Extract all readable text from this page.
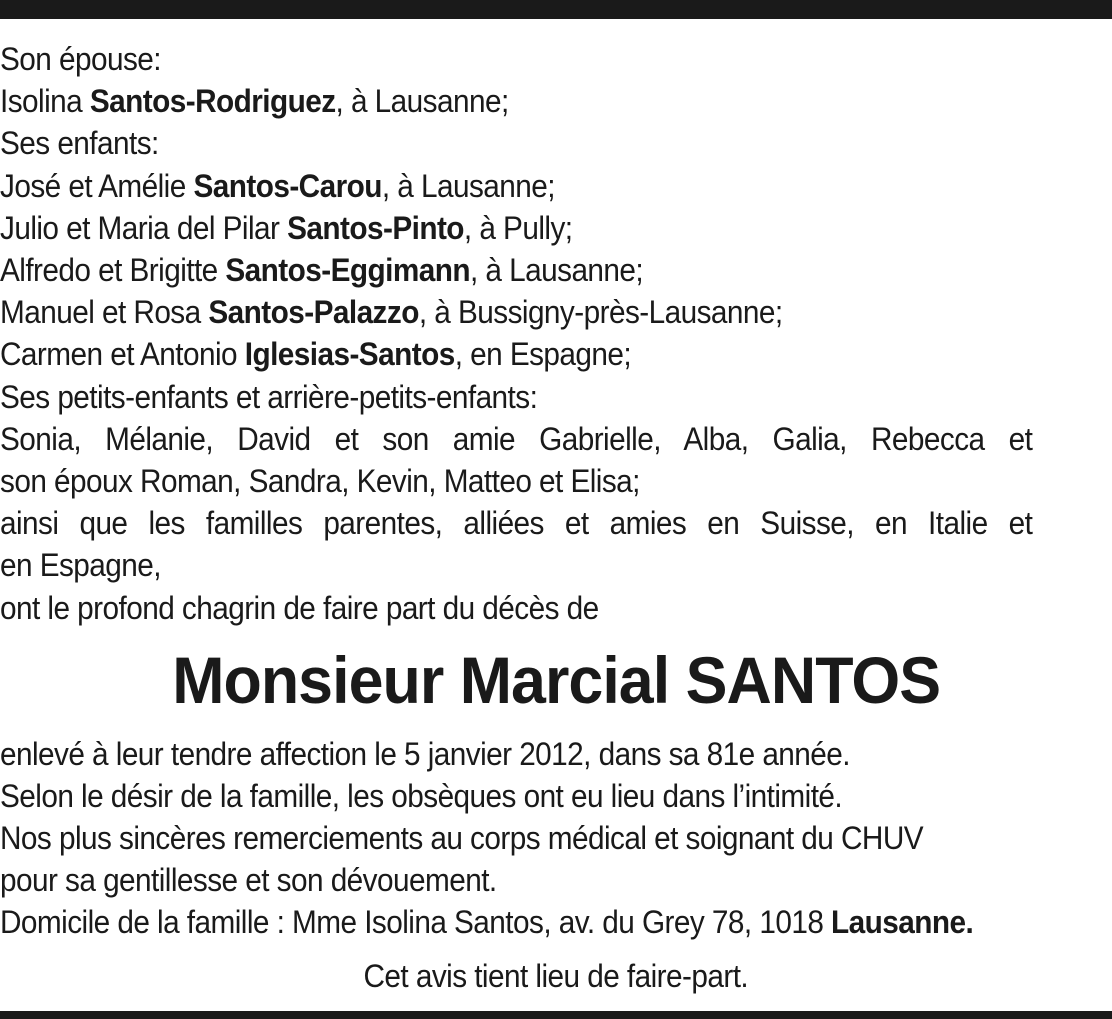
Son épouse:
Isolina Santos-Rodriguez, à Lausanne;
Ses enfants:
José et Amélie Santos-Carou, à Lausanne;
Julio et Maria del Pilar Santos-Pinto, à Pully;
Alfredo et Brigitte Santos-Eggimann, à Lausanne;
Manuel et Rosa Santos-Palazzo, à Bussigny-près-Lausanne;
Carmen et Antonio Iglesias-Santos, en Espagne;
Ses petits-enfants et arrière-petits-enfants:
Sonia, Mélanie, David et son amie Gabrielle, Alba, Galia, Rebecca et
son époux Roman, Sandra, Kevin, Matteo et Elisa;
ainsi que les familles parentes, alliées et amies en Suisse, en Italie et
en Espagne,
ont le profond chagrin de faire part du décès de
Monsieur Marcial SANTOS
enlevé à leur tendre affection le 5 janvier 2012, dans sa 81e année.
Selon le désir de la famille, les obsèques ont eu lieu dans l’intimité.
Nos plus sincères remerciements au corps médical et soignant du CHUV
pour sa gentillesse et son dévouement.
Domicile de la famille : Mme Isolina Santos, av. du Grey 78, 1018 Lausanne.
Cet avis tient lieu de faire-part.
